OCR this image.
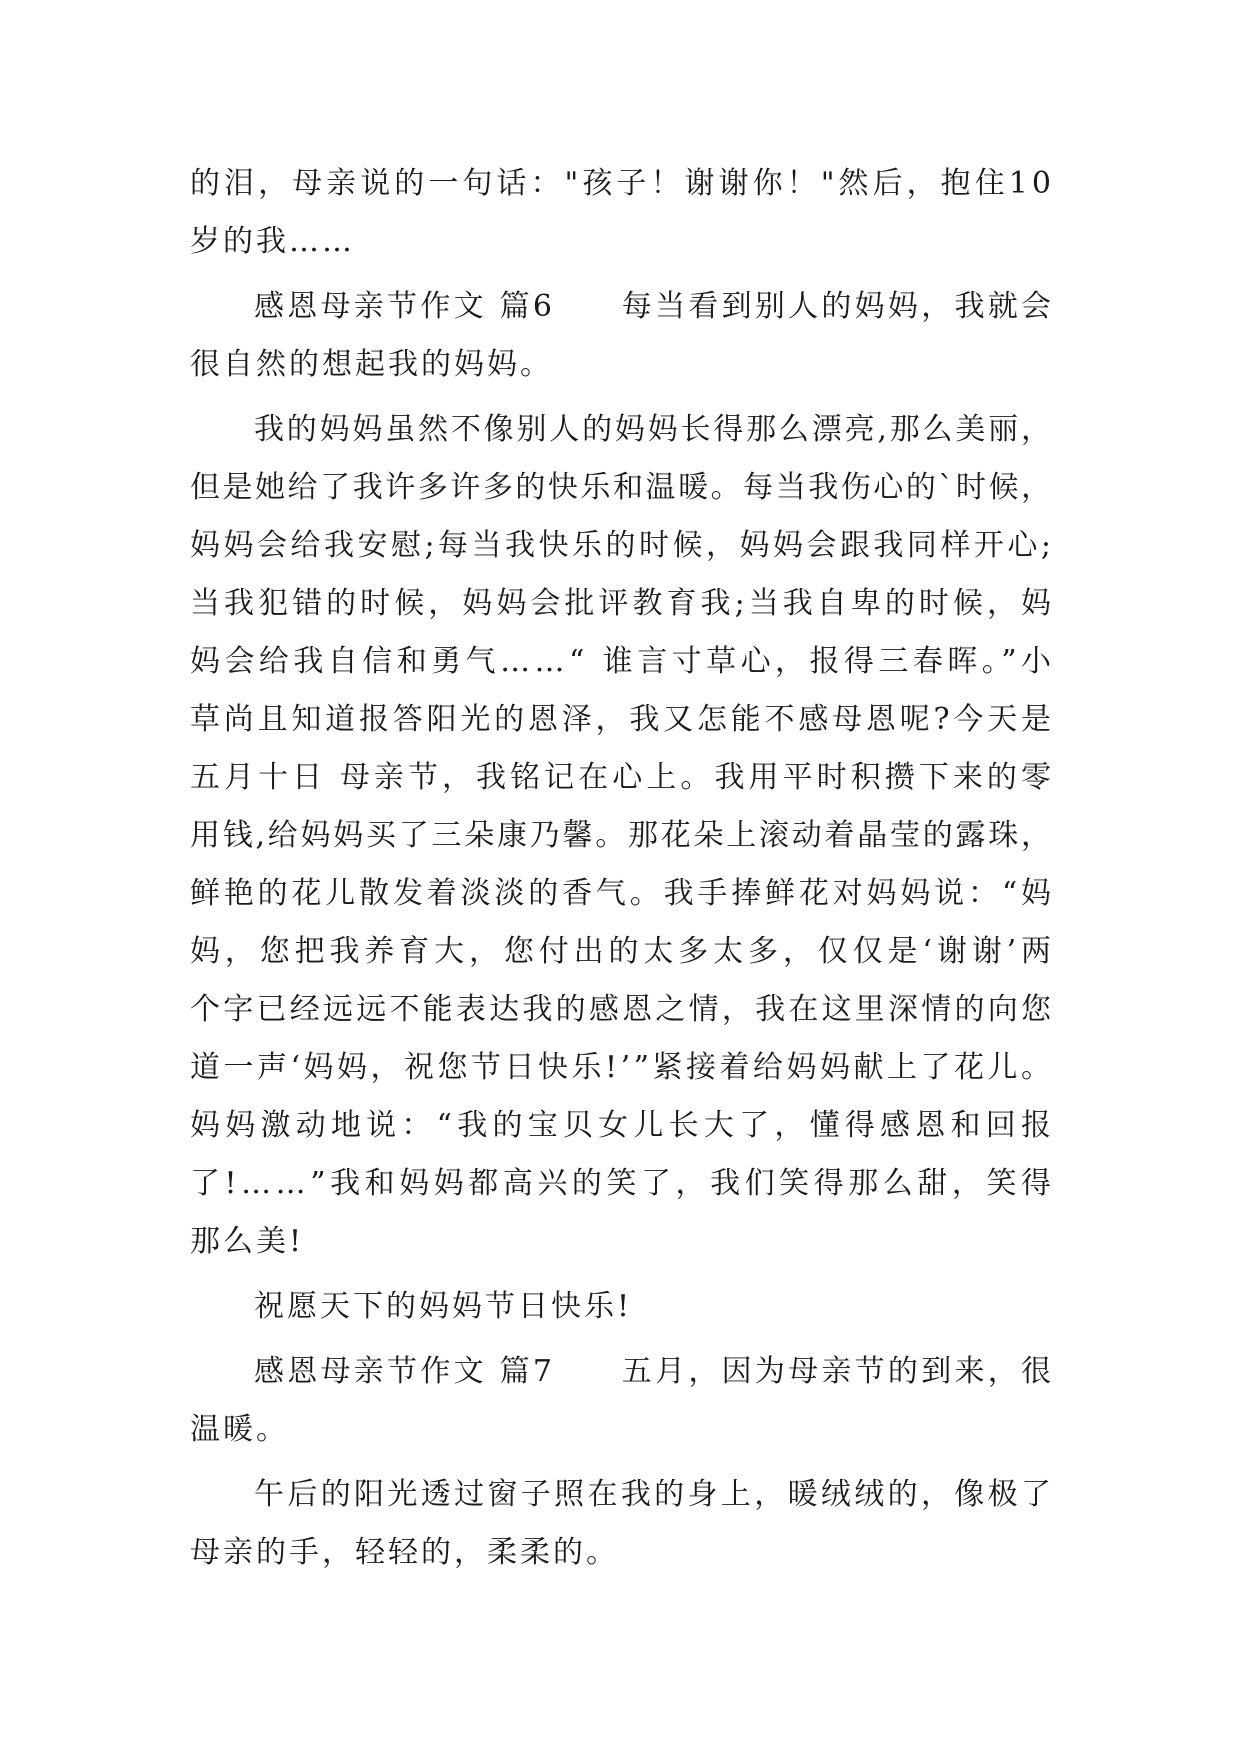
的泪，母亲说的一句话："孩子！谢谢你！"然后，抱住10
岁的我……
感恩母亲节作文 篇6　　每当看到别人的妈妈，我就会
很自然的想起我的妈妈。
我的妈妈虽然不像别人的妈妈长得那么漂亮,那么美丽，
但是她给了我许多许多的快乐和温暖。每当我伤心的`时候，
妈妈会给我安慰;每当我快乐的时候，妈妈会跟我同样开心;
当我犯错的时候，妈妈会批评教育我;当我自卑的时候，妈
妈会给我自信和勇气……“ 谁言寸草心，报得三春晖。”小
草尚且知道报答阳光的恩泽，我又怎能不感母恩呢?今天是
五月十日 母亲节，我铭记在心上。我用平时积攒下来的零
用钱,给妈妈买了三朵康乃馨。那花朵上滚动着晶莹的露珠，
鲜艳的花儿散发着淡淡的香气。我手捧鲜花对妈妈说：“妈
妈，您把我养育大，您付出的太多太多，仅仅是‘谢谢’两
个字已经远远不能表达我的感恩之情，我在这里深情的向您
道一声‘妈妈，祝您节日快乐!’”紧接着给妈妈献上了花儿。
妈妈激动地说：“我的宝贝女儿长大了，懂得感恩和回报
了!……”我和妈妈都高兴的笑了，我们笑得那么甜，笑得
那么美!
祝愿天下的妈妈节日快乐!
感恩母亲节作文 篇7　　五月，因为母亲节的到来，很
温暖。
午后的阳光透过窗子照在我的身上，暖绒绒的，像极了
母亲的手，轻轻的，柔柔的。
